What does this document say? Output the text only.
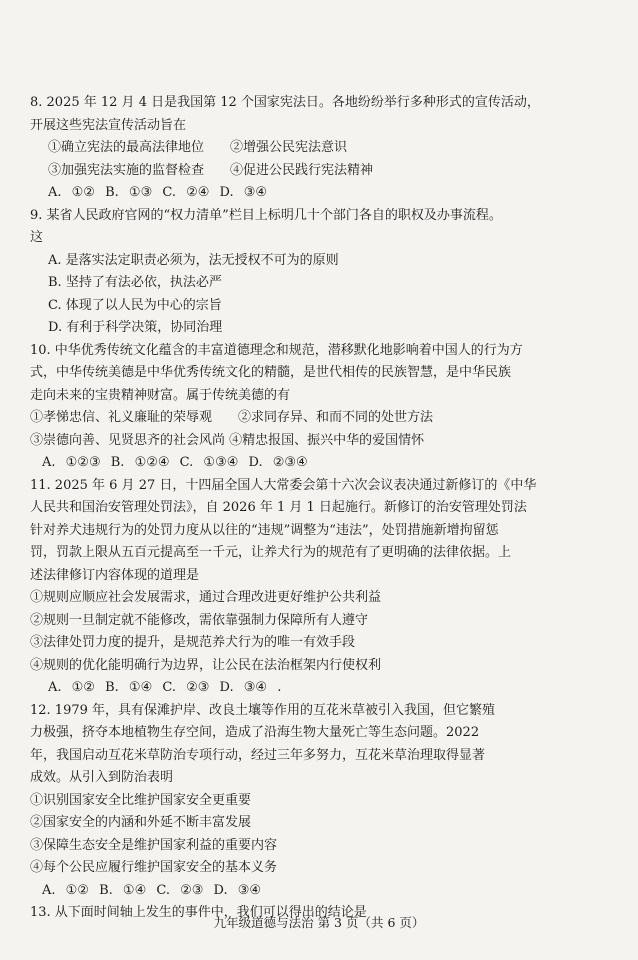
8. 2025 年 12 月 4 日是我国第 12 个国家宪法日。各地纷纷举行多种形式的宣传活动，
开展这些宪法宣传活动旨在
①确立宪法的最高法律地位　　②增强公民宪法意识
③加强宪法实施的监督检查　　④促进公民践行宪法精神
A. ①② B. ①③ C. ②④ D. ③④
9. 某省人民政府官网的“权力清单”栏目上标明几十个部门各自的职权及办事流程。
这
A. 是落实法定职责必须为，法无授权不可为的原则
B. 坚持了有法必依，执法必严
C. 体现了以人民为中心的宗旨
D. 有利于科学决策，协同治理
10. 中华优秀传统文化蕴含的丰富道德理念和规范，潜移默化地影响着中国人的行为方
式，中华传统美德是中华优秀传统文化的精髓，是世代相传的民族智慧，是中华民族
走向未来的宝贵精神财富。属于传统美德的有
①孝悌忠信、礼义廉耻的荣辱观　　②求同存异、和而不同的处世方法
③崇德向善、见贤思齐的社会风尚 ④精忠报国、振兴中华的爱国情怀
A. ①②③ B. ①②④ C. ①③④ D. ②③④
11. 2025 年 6 月 27 日，十四届全国人大常委会第十六次会议表决通过新修订的《中华
人民共和国治安管理处罚法》，自 2026 年 1 月 1 日起施行。新修订的治安管理处罚法
针对养犬违规行为的处罚力度从以往的“违规”调整为“违法”，处罚措施新增拘留惩
罚，罚款上限从五百元提高至一千元，让养犬行为的规范有了更明确的法律依据。上
述法律修订内容体现的道理是
①规则应顺应社会发展需求，通过合理改进更好维护公共利益
②规则一旦制定就不能修改，需依靠强制力保障所有人遵守
③法律处罚力度的提升，是规范养犬行为的唯一有效手段
④规则的优化能明确行为边界，让公民在法治框架内行使权利
A. ①② B. ①④ C. ②③ D. ③④ .
12. 1979 年，具有保滩护岸、改良土壤等作用的互花米草被引入我国，但它繁殖
力极强，挤夺本地植物生存空间，造成了沿海生物大量死亡等生态问题。2022
年，我国启动互花米草防治专项行动，经过三年多努力，互花米草治理取得显著
成效。从引入到防治表明
①识别国家安全比维护国家安全更重要
②国家安全的内涵和外延不断丰富发展
③保障生态安全是维护国家利益的重要内容
④每个公民应履行维护国家安全的基本义务
A. ①② B. ①④ C. ②③ D. ③④
13. 从下面时间轴上发生的事件中，我们可以得出的结论是
九年级道德与法治 第 3 页（共 6 页）
